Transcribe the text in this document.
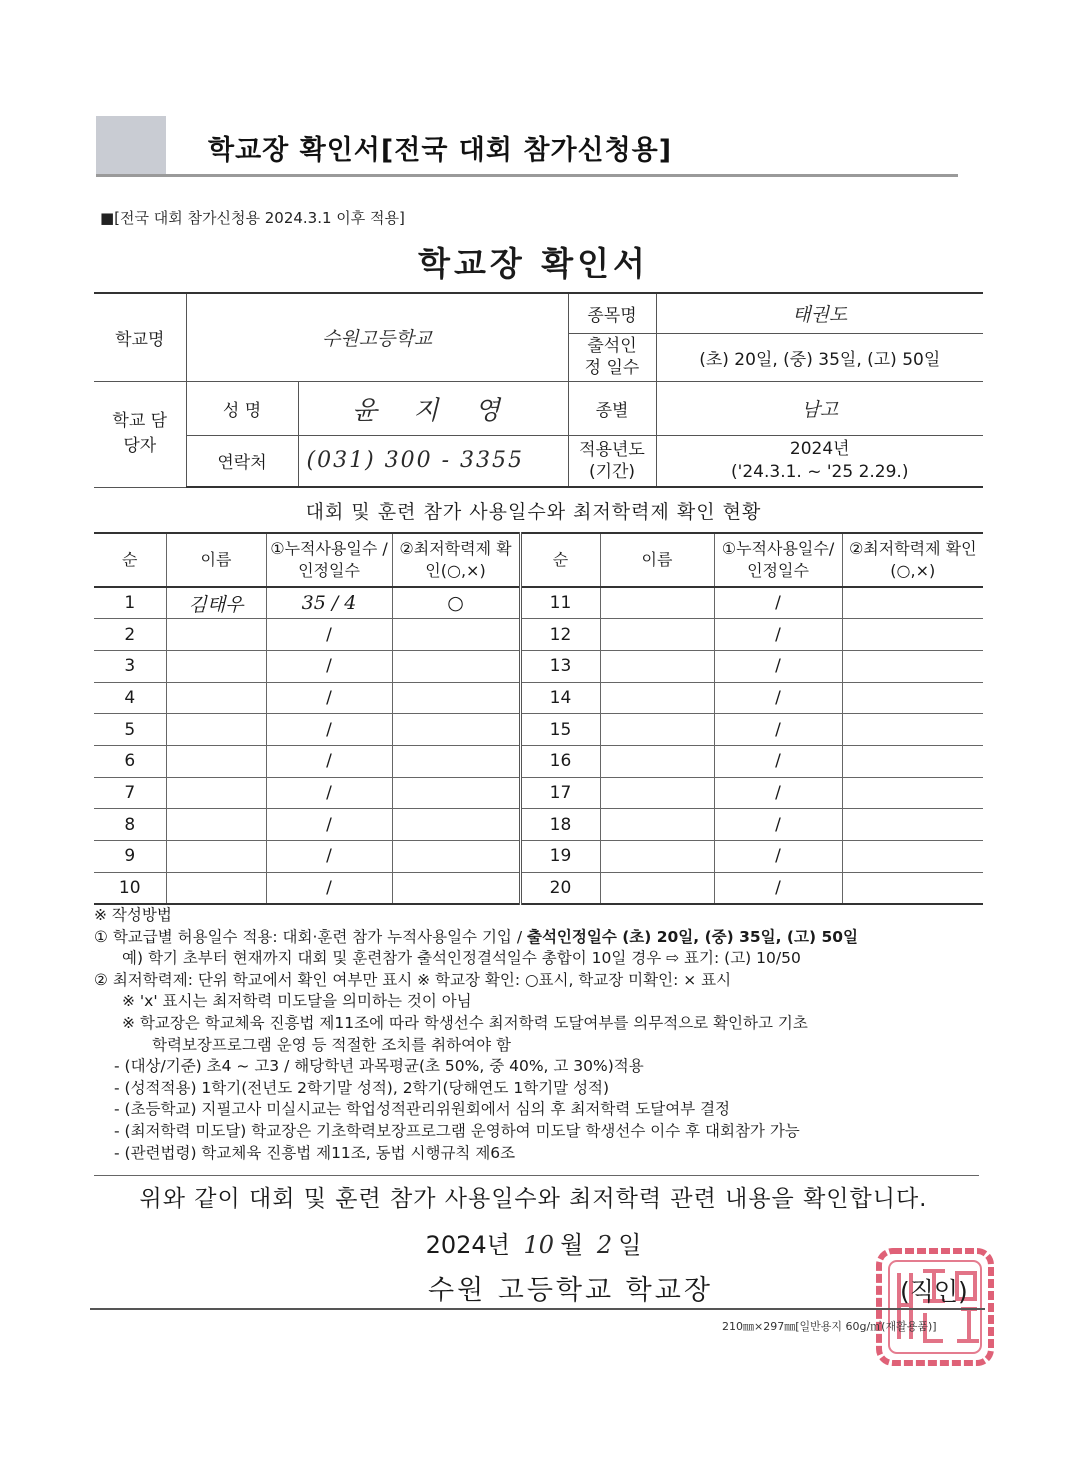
학교장 확인서[전국 대회 참가신청용]
■[전국 대회 참가신청용 2024.3.1 이후 적용]
학교장 확인서
학교명	수원고등학교		종목명	태권도
			출석인정 일수	(초) 20일, (중) 35일, (고) 50일
학교 담당자	성 명	윤 지 영	종별	남고
	연락처	(031) 300 - 3355	적용년도 (기간)	2024년
('24.3.1. ~ '25 2.29.)
대회 및 훈련 참가 사용일수와 최저학력제 확인 현황
순	이름	①누적사용일수 /인정일수	②최저학력제 확인(○,×)	순	이름	①누적사용일수/ 인정일수	②최저학력제 확인(○,×)
1	김태우	35 / 4	○	11		/	
2		/		12		/	
3		/		13		/	
4		/		14		/	
5		/		15		/	
6		/		16		/	
7		/		17		/	
8		/		18		/	
9		/		19		/	
10		/		20		/	
※ 작성방법
① 학교급별 허용일수 적용: 대회·훈련 참가 누적사용일수 기입 / 출석인정일수 (초) 20일, (중) 35일, (고) 50일
예) 학기 초부터 현재까지 대회 및 훈련참가 출석인정결석일수 총합이 10일 경우 ⇨ 표기: (고) 10/50
② 최저학력제: 단위 학교에서 확인 여부만 표시 ※ 학교장 확인: ○표시, 학교장 미확인: × 표시
※ 'x' 표시는 최저학력 미도달을 의미하는 것이 아님
※ 학교장은 학교체육 진흥법 제11조에 따라 학생선수 최저학력 도달여부를 의무적으로 확인하고 기초
학력보장프로그램 운영 등 적절한 조치를 취하여야 함
- (대상/기준) 초4 ~ 고3 / 해당학년 과목평균(초 50%, 중 40%, 고 30%)적용
- (성적적용) 1학기(전년도 2학기말 성적), 2학기(당해연도 1학기말 성적)
- (초등학교) 지필고사 미실시교는 학업성적관리위원회에서 심의 후 최저학력 도달여부 결정
- (최저학력 미도달) 학교장은 기초학력보장프로그램 운영하여 미도달 학생선수 이수 후 대회참가 가능
- (관련법령) 학교체육 진흥법 제11조, 동법 시행규칙 제6조
위와 같이 대회 및 훈련 참가 사용일수와 최저학력 관련 내용을 확인합니다.
2024년 10 월 2 일
수원 고등학교 학교장	(직인)
210㎜×297㎜[일반용지 60g/㎡(재활용품)]
